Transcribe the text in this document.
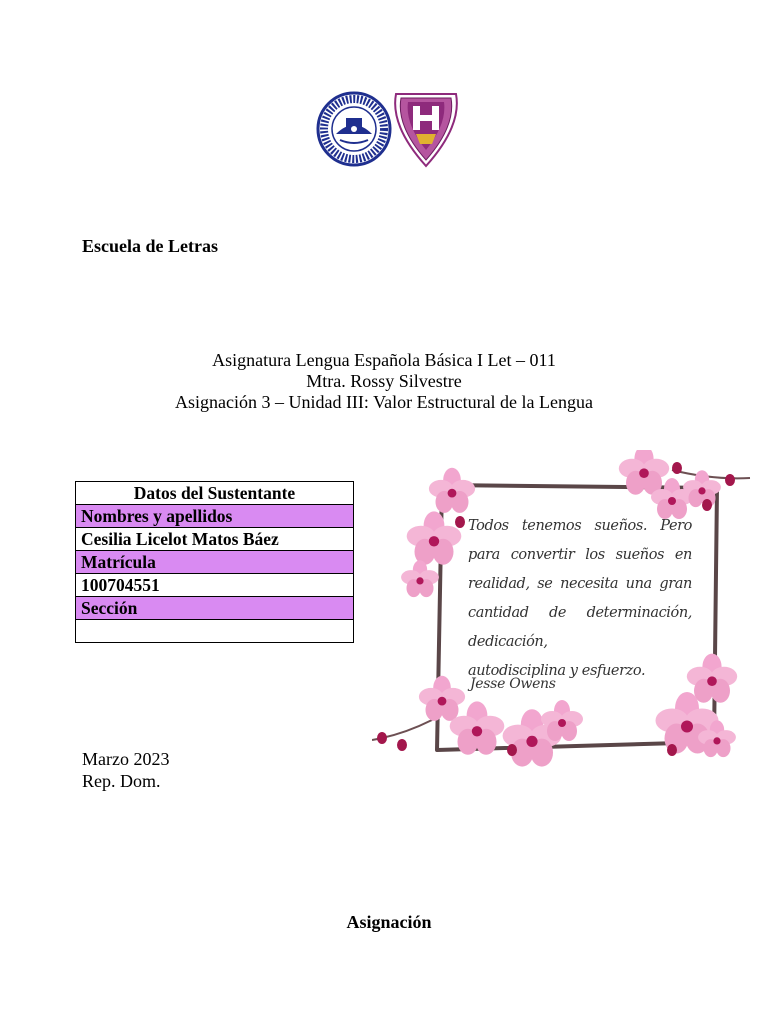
Escuela de Letras
Asignatura Lengua Española Básica I Let – 011
Mtra. Rossy Silvestre
Asignación 3 – Unidad III: Valor Estructural de la Lengua
Datos del Sustentante
Nombres y apellidos
Cesilia Licelot Matos Báez
Matrícula
100704551
Sección

Todos tenemos sueños. Pero para convertir los sueños en realidad, se necesita una gran cantidad de determinación, dedicación,
autodisciplina y esfuerzo.
Jesse Owens
Marzo 2023
Rep. Dom.
Asignación
